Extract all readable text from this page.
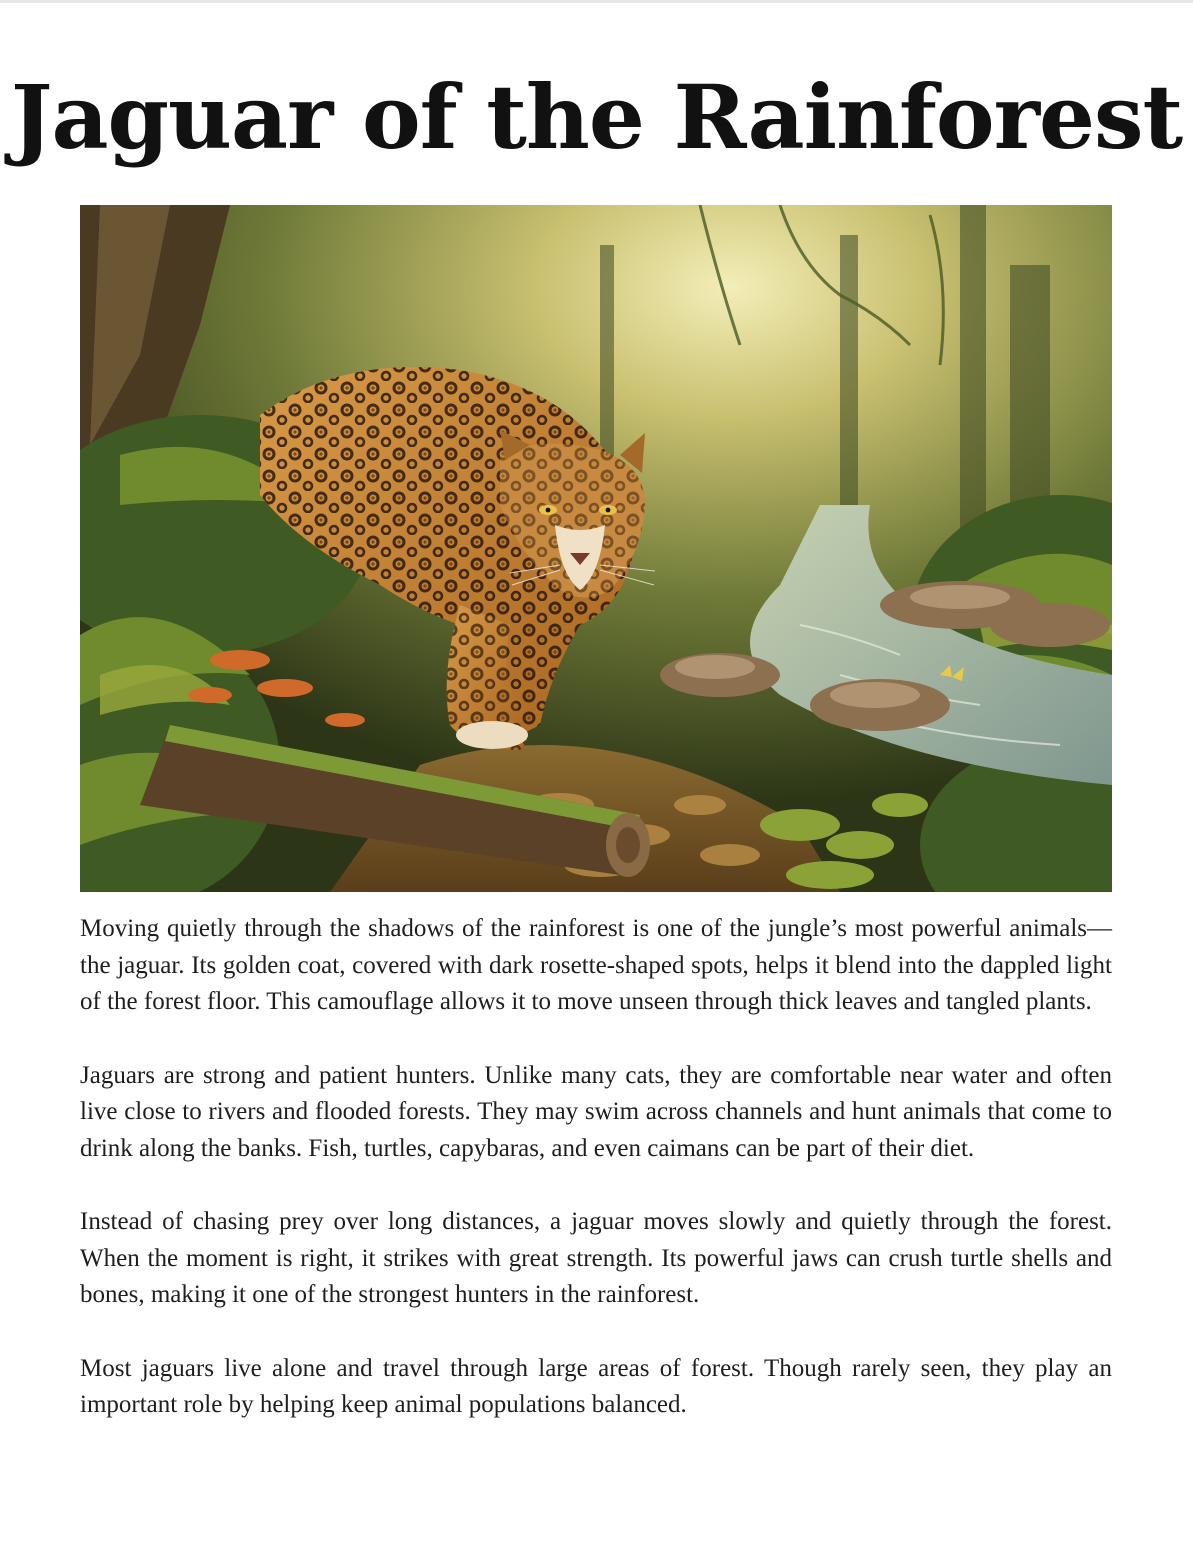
Jaguar of the Rainforest

Moving quietly through the shadows of the rainforest is one of the jungle’s most powerful animals—the jaguar. Its golden coat, covered with dark rosette-shaped spots, helps it blend into the dappled light of the forest floor. This camouflage allows it to move unseen through thick leaves and tangled plants.

Jaguars are strong and patient hunters. Unlike many cats, they are comfortable near water and often live close to rivers and flooded forests. They may swim across channels and hunt animals that come to drink along the banks. Fish, turtles, capybaras, and even caimans can be part of their diet.

Instead of chasing prey over long distances, a jaguar moves slowly and quietly through the forest. When the moment is right, it strikes with great strength. Its powerful jaws can crush turtle shells and bones, making it one of the strongest hunters in the rainforest.

Most jaguars live alone and travel through large areas of forest. Though rarely seen, they play an important role by helping keep animal populations balanced.
